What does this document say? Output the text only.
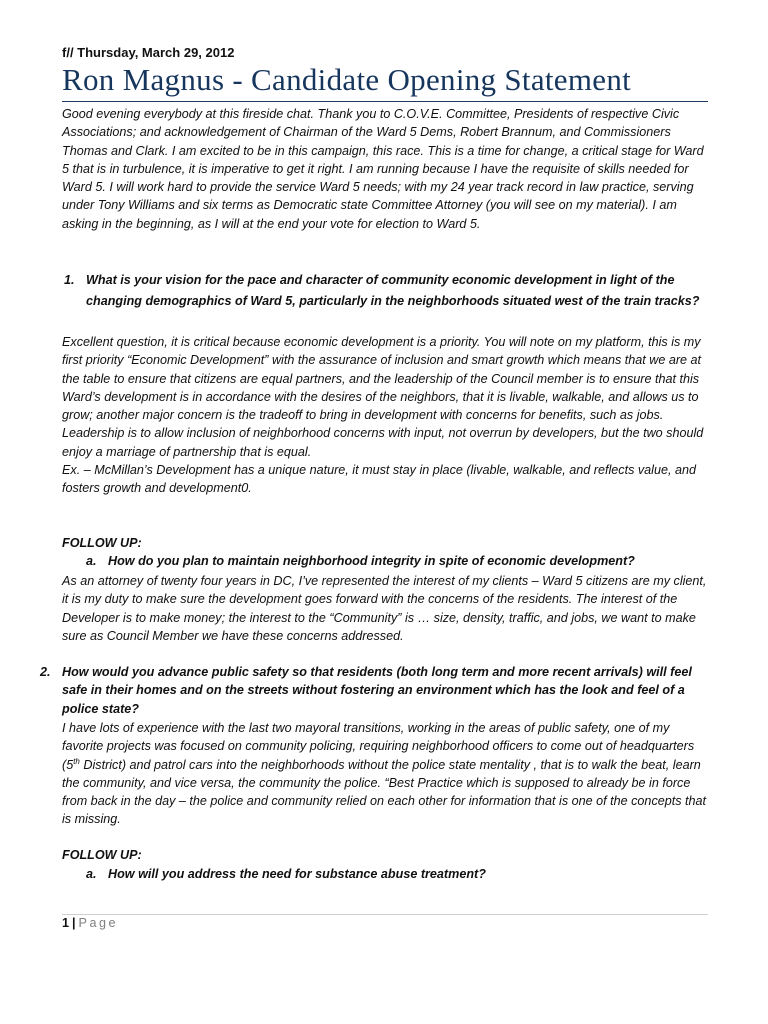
f// Thursday, March 29, 2012
Ron Magnus - Candidate Opening Statement
Good evening everybody at this fireside chat. Thank you to C.O.V.E. Committee, Presidents of respective Civic Associations; and acknowledgement of Chairman of the Ward 5 Dems, Robert Brannum, and Commissioners Thomas and Clark. I am excited to be in this campaign, this race. This is a time for change, a critical stage for Ward 5 that is in turbulence, it is imperative to get it right. I am running because I have the requisite of skills needed for Ward 5. I will work hard to provide the service Ward 5 needs; with my 24 year track record in law practice, serving under Tony Williams and six terms as Democratic state Committee Attorney (you will see on my material). I am asking in the beginning, as I will at the end your vote for election to Ward 5.
1. What is your vision for the pace and character of community economic development in light of the changing demographics of Ward 5, particularly in the neighborhoods situated west of the train tracks?
Excellent question, it is critical because economic development is a priority. You will note on my platform, this is my first priority “Economic Development” with the assurance of inclusion and smart growth which means that we are at the table to ensure that citizens are equal partners, and the leadership of the Council member is to ensure that this Ward’s development is in accordance with the desires of the neighbors, that it is livable, walkable, and allows us to grow; another major concern is the tradeoff to bring in development with concerns for benefits, such as jobs. Leadership is to allow inclusion of neighborhood concerns with input, not overrun by developers, but the two should enjoy a marriage of partnership that is equal.
Ex. – McMillan’s Development has a unique nature, it must stay in place (livable, walkable, and reflects value, and fosters growth and development0.
FOLLOW UP:
a. How do you plan to maintain neighborhood integrity in spite of economic development?
As an attorney of twenty four years in DC, I’ve represented the interest of my clients – Ward 5 citizens are my client, it is my duty to make sure the development goes forward with the concerns of the residents. The interest of the Developer is to make money; the interest to the “Community” is … size, density, traffic, and jobs, we want to make sure as Council Member we have these concerns addressed.
2. How would you advance public safety so that residents (both long term and more recent arrivals) will feel safe in their homes and on the streets without fostering an environment which has the look and feel of a police state?
I have lots of experience with the last two mayoral transitions, working in the areas of public safety, one of my favorite projects was focused on community policing, requiring neighborhood officers to come out of headquarters (5th District) and patrol cars into the neighborhoods without the police state mentality , that is to walk the beat, learn the community, and vice versa, the community the police. “Best Practice which is supposed to already be in force from back in the day – the police and community relied on each other for information that is one of the concepts that is missing.
FOLLOW UP:
a. How will you address the need for substance abuse treatment?
1 | Page
